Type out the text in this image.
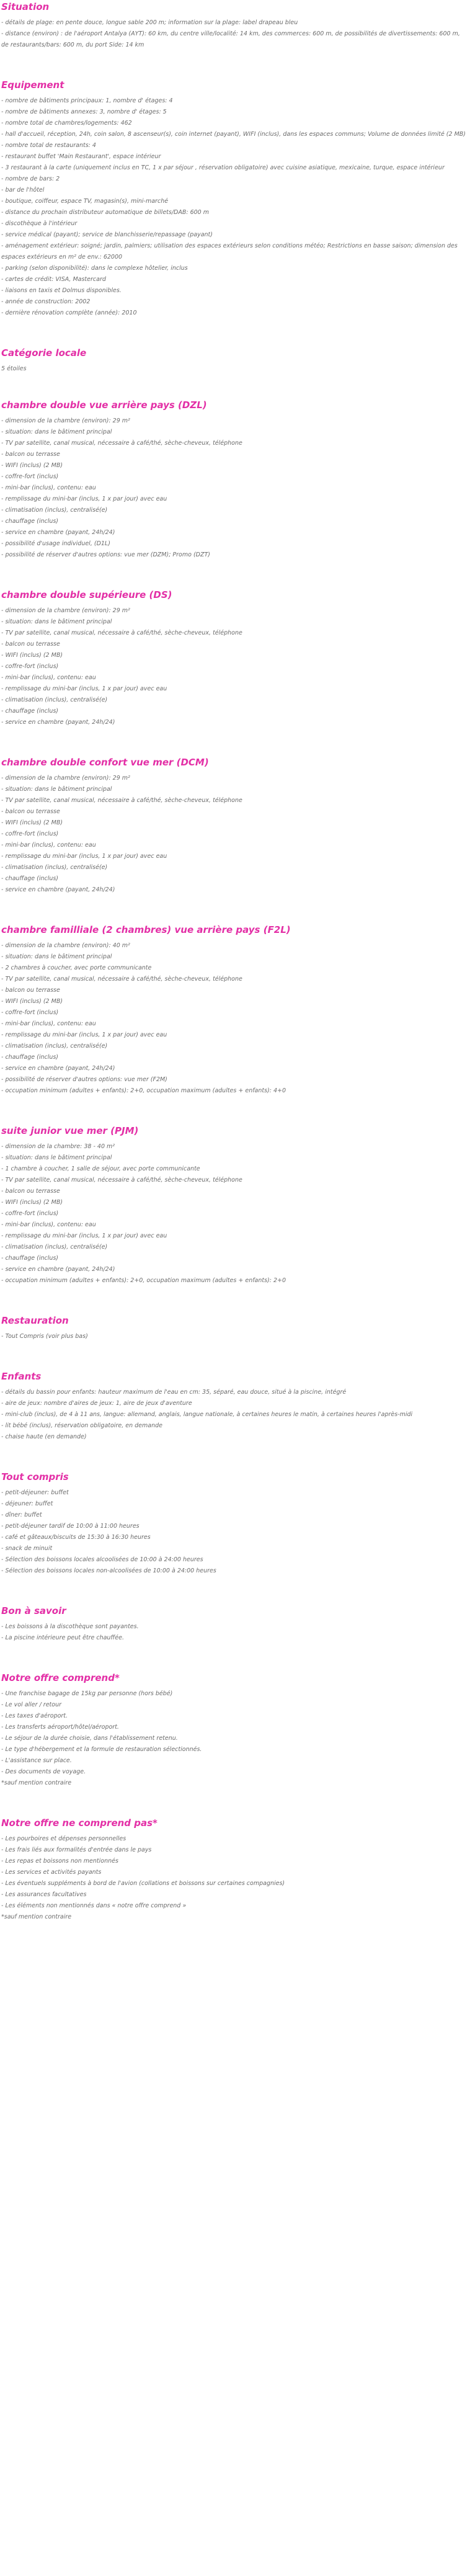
Situation
- détails de plage: en pente douce, longue sable 200 m; information sur la plage: label drapeau bleu
- distance (environ) : de l'aéroport Antalya (AYT): 60 km, du centre ville/localité: 14 km, des commerces: 600 m, de possibilités de divertissements: 600 m, de restaurants/bars: 600 m, du port Side: 14 km
Equipement
- nombre de bâtiments principaux: 1, nombre d' étages: 4
- nombre de bâtiments annexes: 3, nombre d' étages: 5
- nombre total de chambres/logements: 462
- hall d'accueil, réception, 24h, coin salon, 8 ascenseur(s), coin internet (payant), WIFI (inclus), dans les espaces communs; Volume de données limité (2 MB)
- nombre total de restaurants: 4
- restaurant buffet 'Main Restaurant', espace intérieur
- 3 restaurant à la carte (uniquement inclus en TC, 1 x par séjour , réservation obligatoire) avec cuisine asiatique, mexicaine, turque, espace intérieur
- nombre de bars: 2
- bar de l'hôtel
- boutique, coiffeur, espace TV, magasin(s), mini-marché
- distance du prochain distributeur automatique de billets/DAB: 600 m
- discothèque à l'intérieur
- service médical (payant); service de blanchisserie/repassage (payant)
- aménagement extérieur: soigné; jardin, palmiers; utilisation des espaces extérieurs selon conditions météo; Restrictions en basse saison; dimension des espaces extérieurs en m² de env.: 62000
- parking (selon disponibilité): dans le complexe hôtelier, inclus
- cartes de crédit: VISA, Mastercard
- liaisons en taxis et Dolmus disponibles.
- année de construction: 2002
- dernière rénovation complète (année): 2010
Catégorie locale
5 étoiles
chambre double vue arrière pays (DZL)
- dimension de la chambre (environ): 29 m²
- situation: dans le bâtiment principal
- TV par satellite, canal musical, nécessaire à café/thé, sèche-cheveux, téléphone
- balcon ou terrasse
- WIFI (inclus) (2 MB)
- coffre-fort (inclus)
- mini-bar (inclus), contenu: eau
- remplissage du mini-bar (inclus, 1 x par jour) avec eau
- climatisation (inclus), centralisé(e)
- chauffage (inclus)
- service en chambre (payant, 24h/24)
- possibilité d'usage individuel, (D1L)
- possibilité de réserver d'autres options: vue mer (DZM); Promo (DZT)
chambre double supérieure (DS)
- dimension de la chambre (environ): 29 m²
- situation: dans le bâtiment principal
- TV par satellite, canal musical, nécessaire à café/thé, sèche-cheveux, téléphone
- balcon ou terrasse
- WIFI (inclus) (2 MB)
- coffre-fort (inclus)
- mini-bar (inclus), contenu: eau
- remplissage du mini-bar (inclus, 1 x par jour) avec eau
- climatisation (inclus), centralisé(e)
- chauffage (inclus)
- service en chambre (payant, 24h/24)
chambre double confort vue mer (DCM)
- dimension de la chambre (environ): 29 m²
- situation: dans le bâtiment principal
- TV par satellite, canal musical, nécessaire à café/thé, sèche-cheveux, téléphone
- balcon ou terrasse
- WIFI (inclus) (2 MB)
- coffre-fort (inclus)
- mini-bar (inclus), contenu: eau
- remplissage du mini-bar (inclus, 1 x par jour) avec eau
- climatisation (inclus), centralisé(e)
- chauffage (inclus)
- service en chambre (payant, 24h/24)
chambre familliale (2 chambres) vue arrière pays (F2L)
- dimension de la chambre (environ): 40 m²
- situation: dans le bâtiment principal
- 2 chambres à coucher, avec porte communicante
- TV par satellite, canal musical, nécessaire à café/thé, sèche-cheveux, téléphone
- balcon ou terrasse
- WIFI (inclus) (2 MB)
- coffre-fort (inclus)
- mini-bar (inclus), contenu: eau
- remplissage du mini-bar (inclus, 1 x par jour) avec eau
- climatisation (inclus), centralisé(e)
- chauffage (inclus)
- service en chambre (payant, 24h/24)
- possibilité de réserver d'autres options: vue mer (F2M)
- occupation minimum (adultes + enfants): 2+0, occupation maximum (adultes + enfants): 4+0
suite junior vue mer (PJM)
- dimension de la chambre: 38 - 40 m²
- situation: dans le bâtiment principal
- 1 chambre à coucher, 1 salle de séjour, avec porte communicante
- TV par satellite, canal musical, nécessaire à café/thé, sèche-cheveux, téléphone
- balcon ou terrasse
- WIFI (inclus) (2 MB)
- coffre-fort (inclus)
- mini-bar (inclus), contenu: eau
- remplissage du mini-bar (inclus, 1 x par jour) avec eau
- climatisation (inclus), centralisé(e)
- chauffage (inclus)
- service en chambre (payant, 24h/24)
- occupation minimum (adultes + enfants): 2+0, occupation maximum (adultes + enfants): 2+0
Restauration
- Tout Compris (voir plus bas)
Enfants
- détails du bassin pour enfants: hauteur maximum de l'eau en cm: 35, séparé, eau douce, situé à la piscine, intégré
- aire de jeux: nombre d'aires de jeux: 1, aire de jeux d'aventure
- mini-club (inclus), de 4 à 11 ans, langue: allemand, anglais, langue nationale, à certaines heures le matin, à certaines heures l'après-midi
- lit bébé (inclus), réservation obligatoire, en demande
- chaise haute (en demande)
Tout compris
- petit-déjeuner: buffet
- déjeuner: buffet
- dîner: buffet
- petit-déjeuner tardif de 10:00 à 11:00 heures
- café et gâteaux/biscuits de 15:30 à 16:30 heures
- snack de minuit
- Sélection des boissons locales alcoolisées de 10:00 à 24:00 heures
- Sélection des boissons locales non-alcoolisées de 10:00 à 24:00 heures
Bon à savoir
- Les boissons à la discothèque sont payantes.
- La piscine intérieure peut être chauffée.
Notre offre comprend*
- Une franchise bagage de 15kg par personne (hors bébé)
- Le vol aller / retour
- Les taxes d'aéroport.
- Les transferts aéroport/hôtel/aéroport.
- Le séjour de la durée choisie, dans l'établissement retenu.
- Le type d'hébergement et la formule de restauration sélectionnés.
- L'assistance sur place.
- Des documents de voyage.

*sauf mention contraire

Notre offre ne comprend pas*
- Les pourboires et dépenses personnelles
- Les frais liés aux formalités d'entrée dans le pays
- Les repas et boissons non mentionnés
- Les services et activités payants
- Les éventuels suppléments à bord de l'avion (collations et boissons sur certaines compagnies)
- Les assurances facultatives
- Les éléments non mentionnés dans « notre offre comprend »

*sauf mention contraire
